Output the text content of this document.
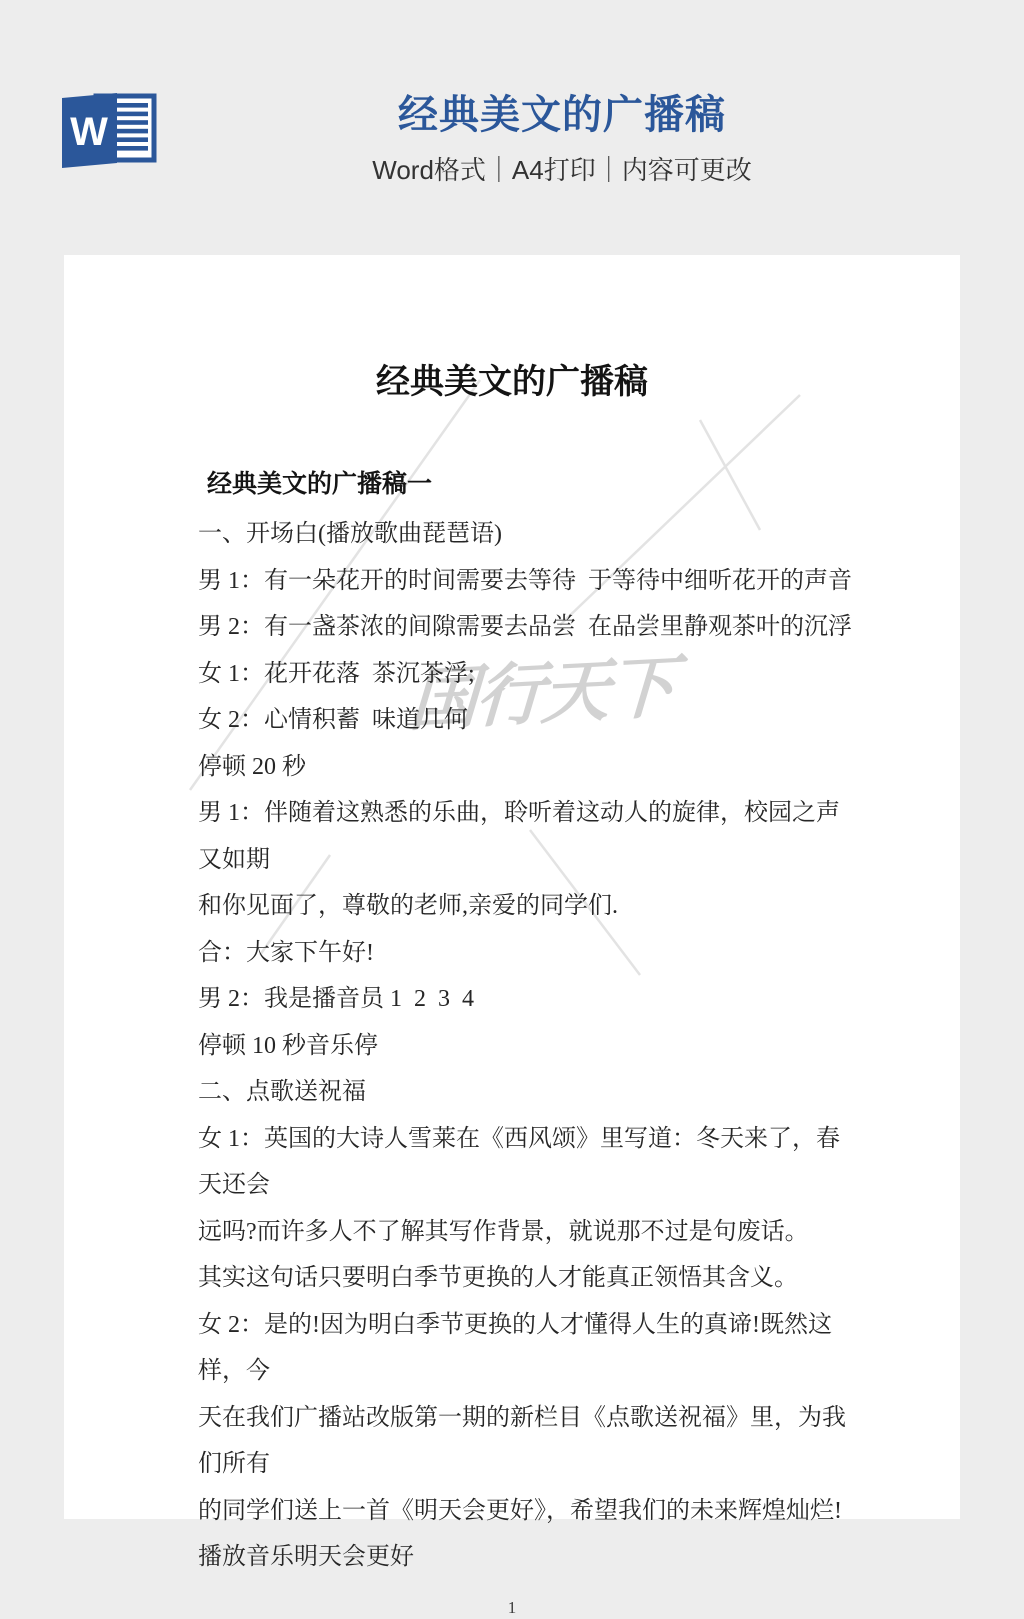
W	经典美文的广播稿
Word格式｜A4打印｜内容可更改
国行天下
经典美文的广播稿
经典美文的广播稿一

一、开场白(播放歌曲琵琶语)

男 1：有一朵花开的时间需要去等待  于等待中细听花开的声音

男 2：有一盏茶浓的间隙需要去品尝  在品尝里静观茶叶的沉浮

女 1：花开花落  茶沉茶浮;

女 2：心情积蓄  味道几何

停顿 20 秒

男 1：伴随着这熟悉的乐曲，聆听着这动人的旋律，校园之声又如期

和你见面了，尊敬的老师,亲爱的同学们.

合：大家下午好!

男 2：我是播音员 1  2  3  4

停顿 10 秒音乐停

二、点歌送祝福

女 1：英国的大诗人雪莱在《西风颂》里写道：冬天来了，春天还会

远吗?而许多人不了解其写作背景，就说那不过是句废话。

其实这句话只要明白季节更换的人才能真正领悟其含义。

女 2：是的!因为明白季节更换的人才懂得人生的真谛!既然这样，今

天在我们广播站改版第一期的新栏目《点歌送祝福》里，为我们所有

的同学们送上一首《明天会更好》，希望我们的未来辉煌灿烂!

播放音乐明天会更好

1
